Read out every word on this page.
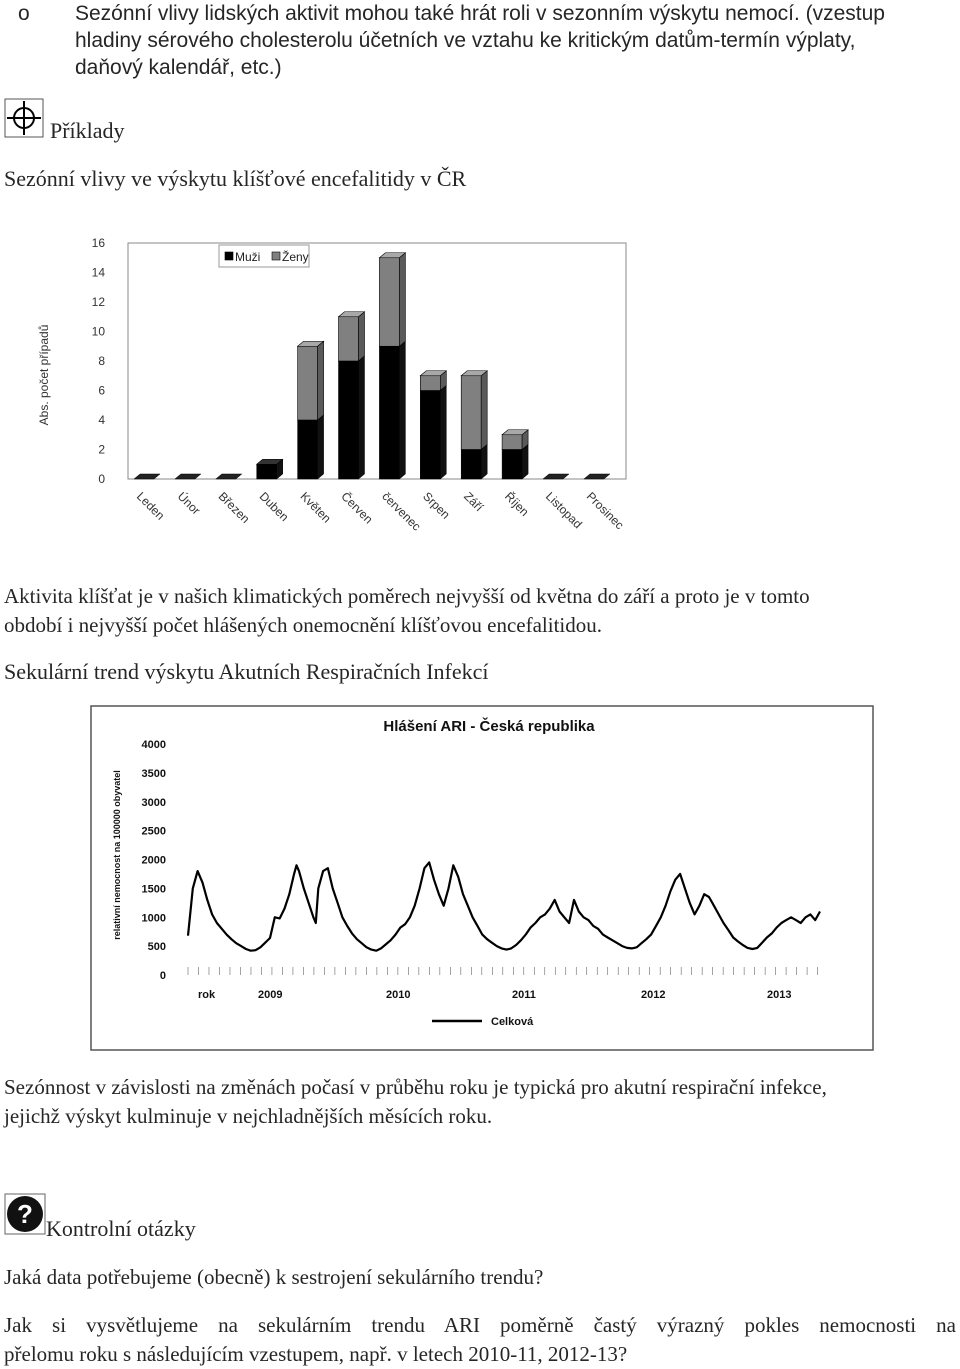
o Sezónní vlivy lidských aktivit mohou také hrát roli v sezonním výskytu nemocí. (vzestup
hladiny sérového cholesterolu účetních ve vztahu ke kritickým datům-termín výplaty,
daňový kalendář, etc.)
Příklady
Sezónní vlivy ve výskytu klíšťové encefalitidy v ČR
0
2
4
6
8
10
12
14
16
Abs. počet případů
Muži Ženy
Leden Únor Březen Duben Květen Červen červenec
Srpen Září Říjen Listopad
Prosinec
Aktivita klíšťat je v našich klimatických poměrech nejvyšší od května do září a proto je v tomto
období i nejvyšší počet hlášených onemocnění klíšťovou encefalitidou.
Sekulární trend výskytu Akutních Respiračních Infekcí
Hlášení ARI - Česká republika
0
500
1000
1500
2000
2500
3000
3500
4000
relativní nemocnost na 100000 obyvatel
rok	2009	2010	2011	2012	2013
Celková
Sezónnost v závislosti na změnách počasí v průběhu roku je typická pro akutní respirační infekce,
jejichž výskyt kulminuje v nejchladnějších měsících roku.
? Kontrolní otázky
Jaká data potřebujeme (obecně) k sestrojení sekulárního trendu?
Jak si vysvětlujeme na sekulárním trendu ARI poměrně častý výrazný pokles nemocnosti na
přelomu roku s následujícím vzestupem, např. v letech 2010-11, 2012-13?
